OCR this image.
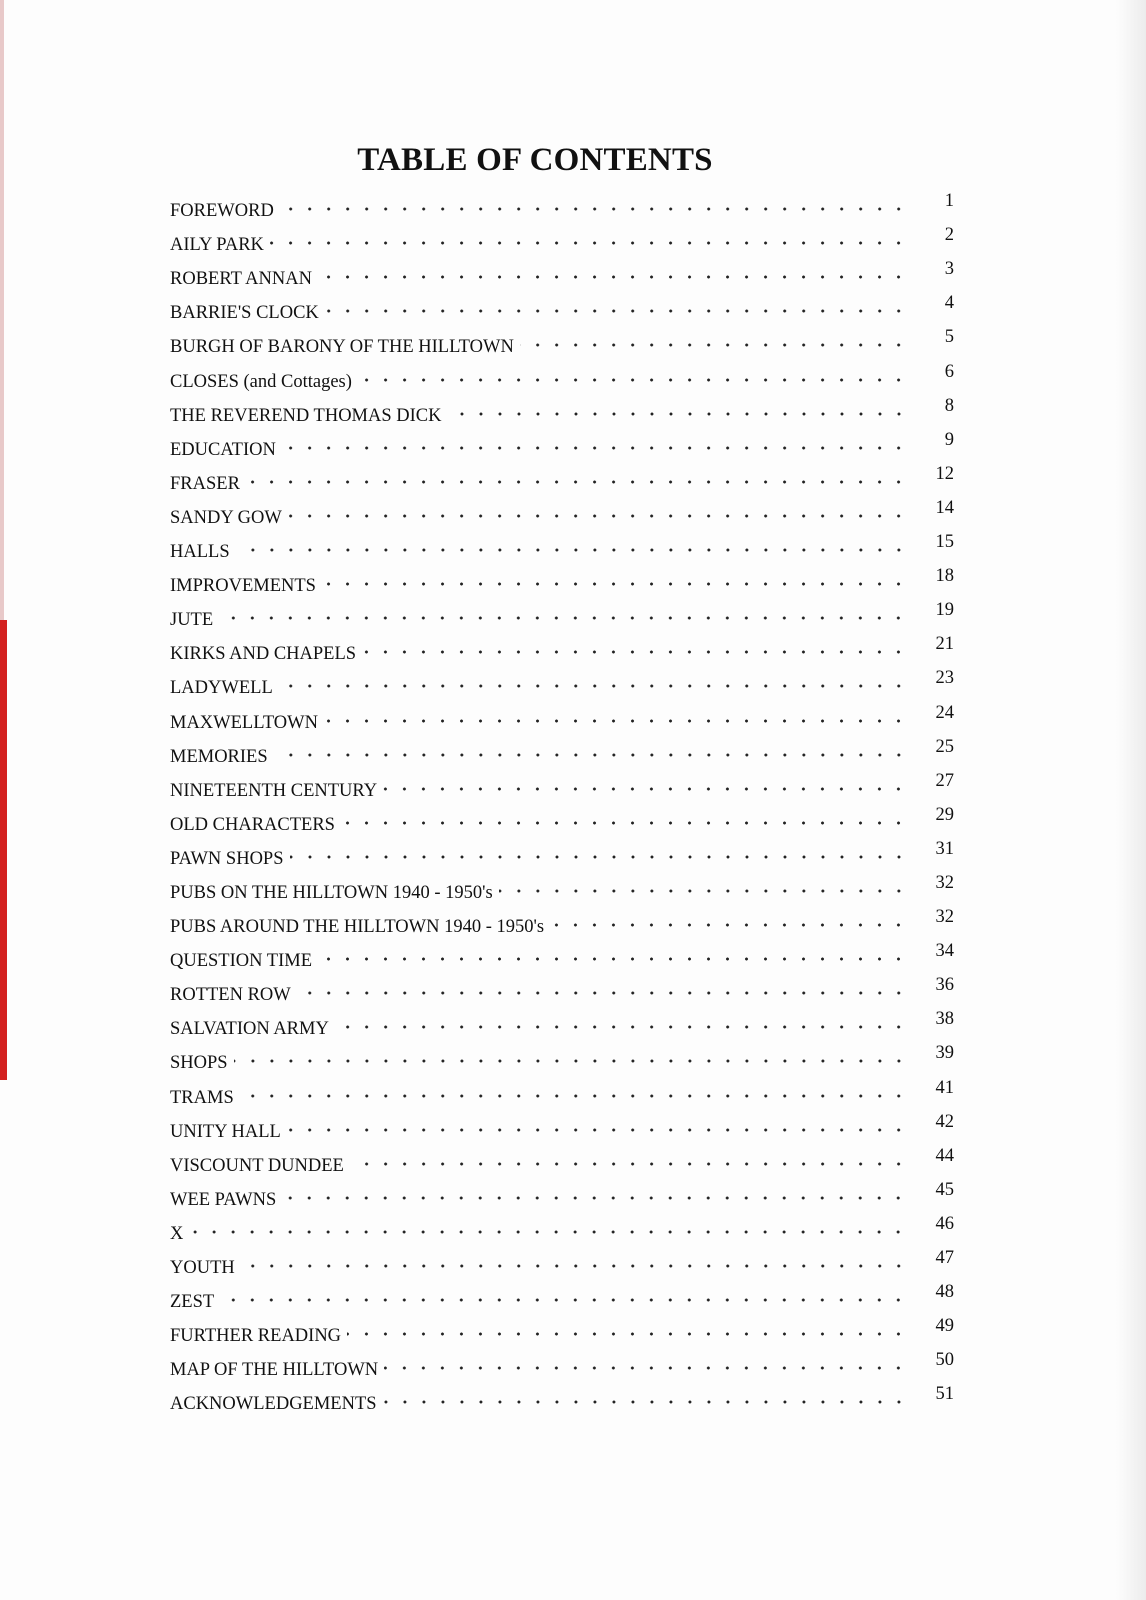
TABLE OF CONTENTS
FOREWORD	1
AILY PARK	2
ROBERT ANNAN	3
BARRIE'S CLOCK	4
BURGH OF BARONY OF THE HILLTOWN	5
CLOSES (and Cottages)	6
THE REVEREND THOMAS DICK	8
EDUCATION	9
FRASER	12
SANDY GOW	14
HALLS	15
IMPROVEMENTS	18
JUTE	19
KIRKS AND CHAPELS	21
LADYWELL	23
MAXWELLTOWN	24
MEMORIES	25
NINETEENTH CENTURY	27
OLD CHARACTERS	29
PAWN SHOPS	31
PUBS ON THE HILLTOWN 1940 - 1950's	32
PUBS AROUND THE HILLTOWN 1940 - 1950's	32
QUESTION TIME	34
ROTTEN ROW	36
SALVATION ARMY	38
SHOPS	39
TRAMS	41
UNITY HALL	42
VISCOUNT DUNDEE	44
WEE PAWNS	45
X	46
YOUTH	47
ZEST	48
FURTHER READING	49
MAP OF THE HILLTOWN	50
ACKNOWLEDGEMENTS	51
